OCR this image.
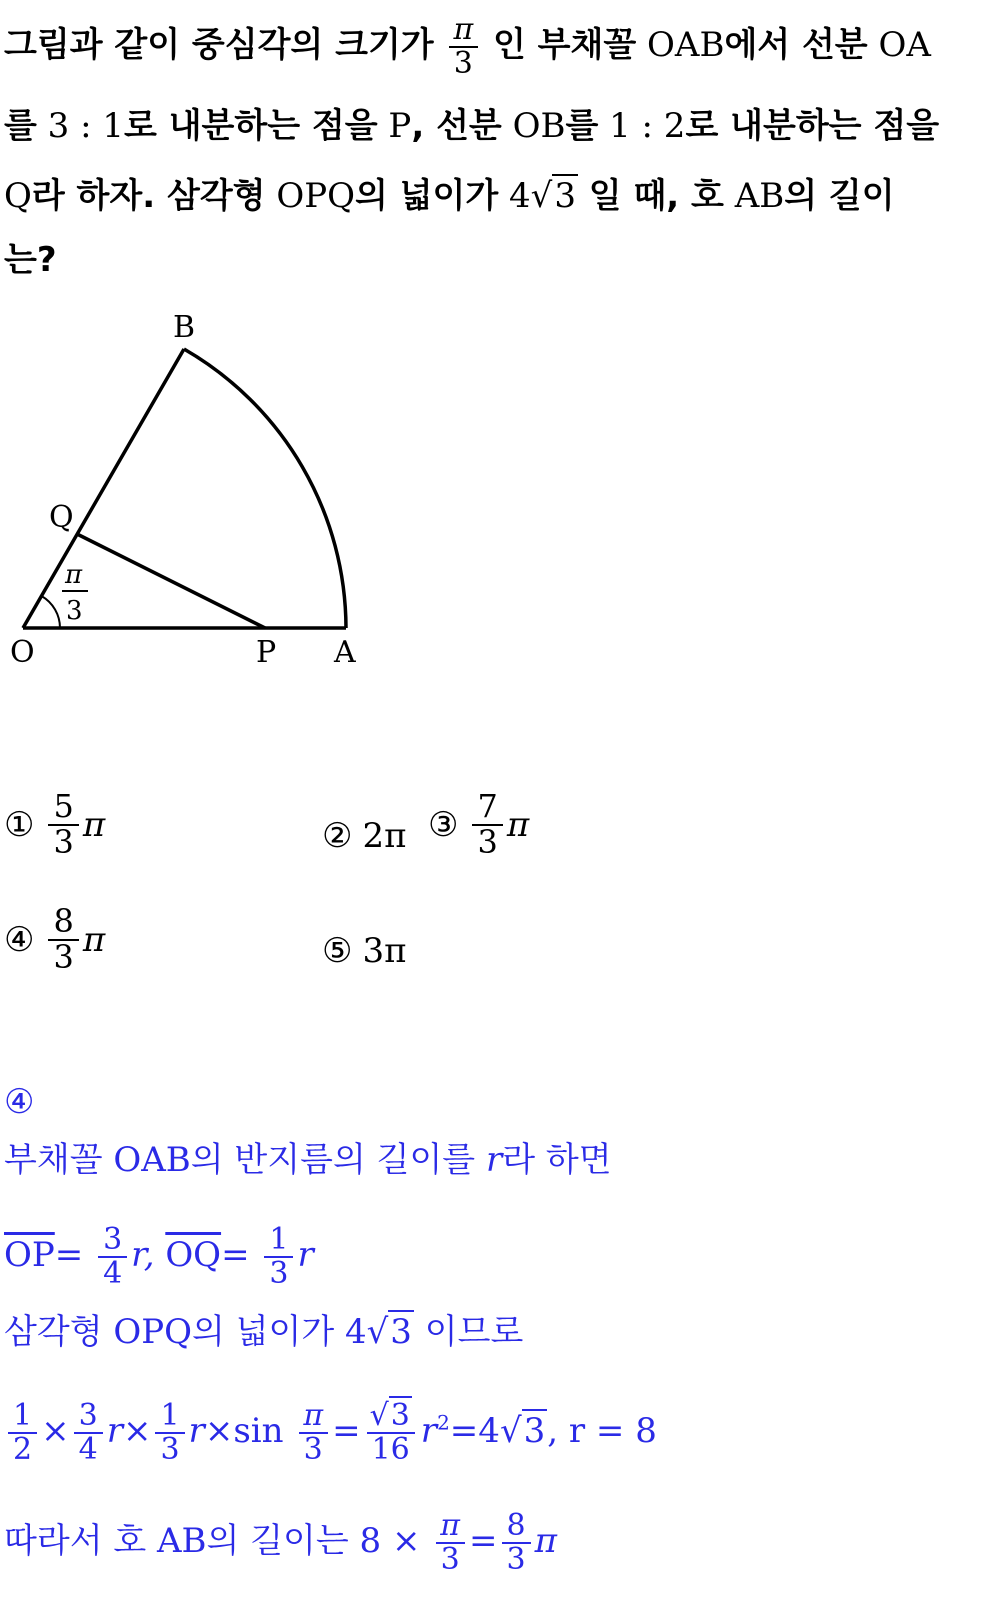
그림과 같이 중심각의 크기가 $\frac{\pi}{3}$ 인 부채꼴 OAB에서 선분 OA
를 3 : 1로 내분하는 점을 P, 선분 OB를 1 : 2로 내분하는 점을
Q라 하자. 삼각형 OPQ의 넓이가 4√3 일 때, 호 AB의 길이
는?
B
Q
O	P A
π
3
① $\frac{5}{3}$ π	② 2π ③ $\frac{7}{3}$ π
④ $\frac{8}{3}$ π	⑤ 3π
④
부채꼴 OAB의 반지름의 길이를 r라 하면
$\overline{OP}= \frac{3}{4} r$, $\overline{OQ}= \frac{1}{3}$ r
삼각형 OPQ의 넓이가 4√3 이므로
$\frac{1}{2} \times \frac{3}{4} r\times \frac{1}{3} r\times\sin \frac{\pi}{3} = \frac{√3}{16} r^2=4√3$, r = 8
따라서 호 AB의 길이는 $8 \times \frac{\pi}{3} = \frac{8}{3}$ π
